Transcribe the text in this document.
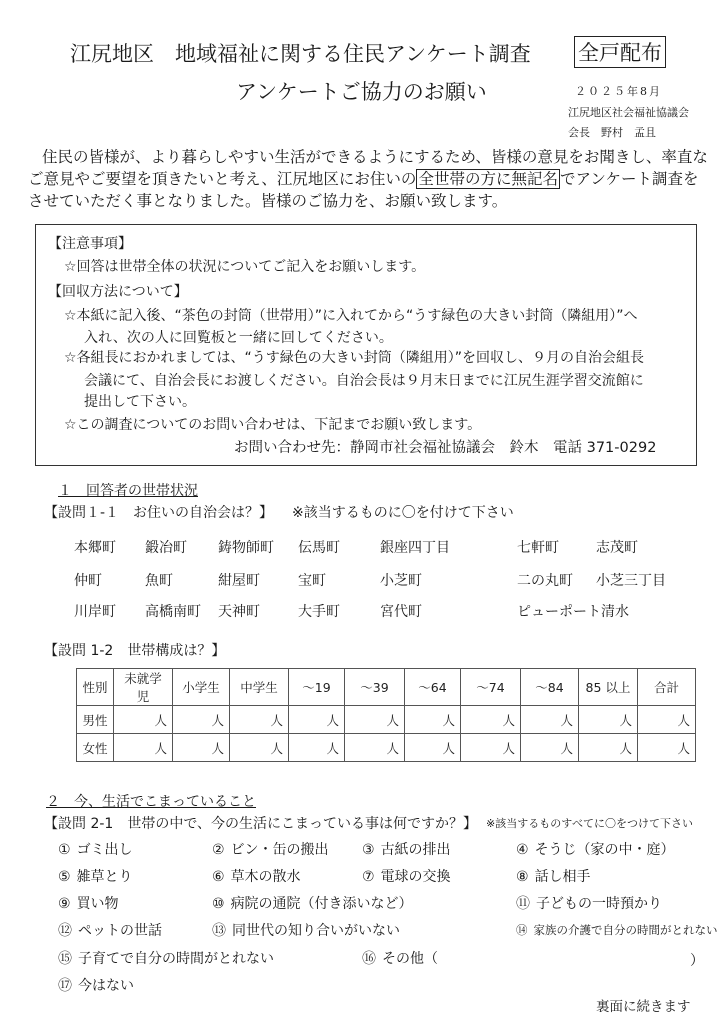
江尻地区　地域福祉に関する住民アンケート調査 全戸配布
アンケートご協力のお願い	２０２５年8月
江尻地区社会福祉協議会
会長　野村　孟且
住民の皆様が、より暮らしやすい生活ができるようにするため、皆様の意見をお聞きし、率直な
ご意見やご要望を頂きたいと考え、江尻地区にお住いの 全世帯の方に無記名 でアンケート調査を
させていただく事となりました。皆様のご協力を、お願い致します。
【注意事項】
☆回答は世帯全体の状況についてご記入をお願いします。
【回収方法について】
☆本紙に記入後、“茶色の封筒（世帯用）”に入れてから“うす緑色の大きい封筒（隣組用）”へ
入れ、次の人に回覧板と一緒に回してください。
☆各組長におかれましては、“うす緑色の大きい封筒（隣組用）”を回収し、９月の自治会組長
会議にて、自治会長にお渡しください。自治会長は９月末日までに江尻生涯学習交流館に
提出して下さい。
☆この調査についてのお問い合わせは、下記までお願い致します。
お問い合わせ先：静岡市社会福祉協議会　鈴木　電話 371-0292
１　回答者の世帯状況
【設問１-１　お住いの自治会は？】 ※該当するものに〇を付けて下さい
本郷町 鍛冶町 鋳物師町 伝馬町	銀座四丁目	七軒町	志茂町
仲町	魚町	紺屋町	宝町	小芝町	二の丸町 小芝三丁目
川岸町 高橋南町 天神町	大手町	宮代町	ピューポート清水
【設問 1-2　世帯構成は？】
性別	未就学児	小学生	中学生	～19	～39	～64	～74	～84	85 以上	合計
男性	人	人	人	人	人	人	人	人	人	人
女性	人	人	人	人	人	人	人	人	人	人
２　今、生活でこまっていること
【設問 2-1　世帯の中で、今の生活にこまっている事は何ですか？】 ※該当するものすべてに〇をつけて下さい
① ゴミ出し	② ビン・缶の搬出 ③ 古紙の排出	④ そうじ（家の中・庭）
⑤ 雑草とり	⑥ 草木の散水	⑦ 電球の交換	⑧ 話し相手
⑨ 買い物	⑩ 病院の通院（付き添いなど）	⑪ 子どもの一時預かり
⑫ ペットの世話	⑬ 同世代の知り合いがいない	⑭ 家族の介護で自分の時間がとれない
⑮ 子育てで自分の時間がとれない	⑯ その他（
⑰ 今はない
）
裏面に続きます
